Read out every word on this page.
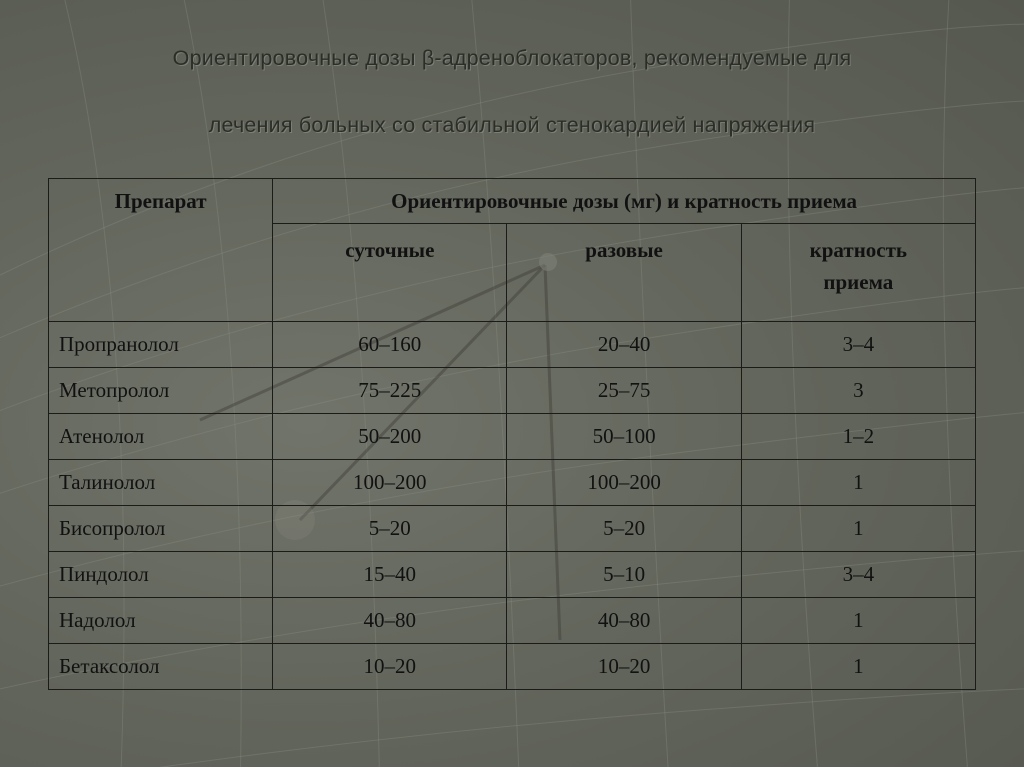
Ориентировочные дозы β-адреноблокаторов, рекомендуемые для
лечения больных со стабильной стенокардией напряжения
Препарат	Ориентировочные дозы (мг) и кратность приема		
	суточные	разовые	кратность
приема
Пропранолол	60–160	20–40	3–4
Метопролол	75–225	25–75	3
Атенолол	50–200	50–100	1–2
Талинолол	100–200	100–200	1
Бисопролол	5–20	5–20	1
Пиндолол	15–40	5–10	3–4
Надолол	40–80	40–80	1
Бетаксолол	10–20	10–20	1
